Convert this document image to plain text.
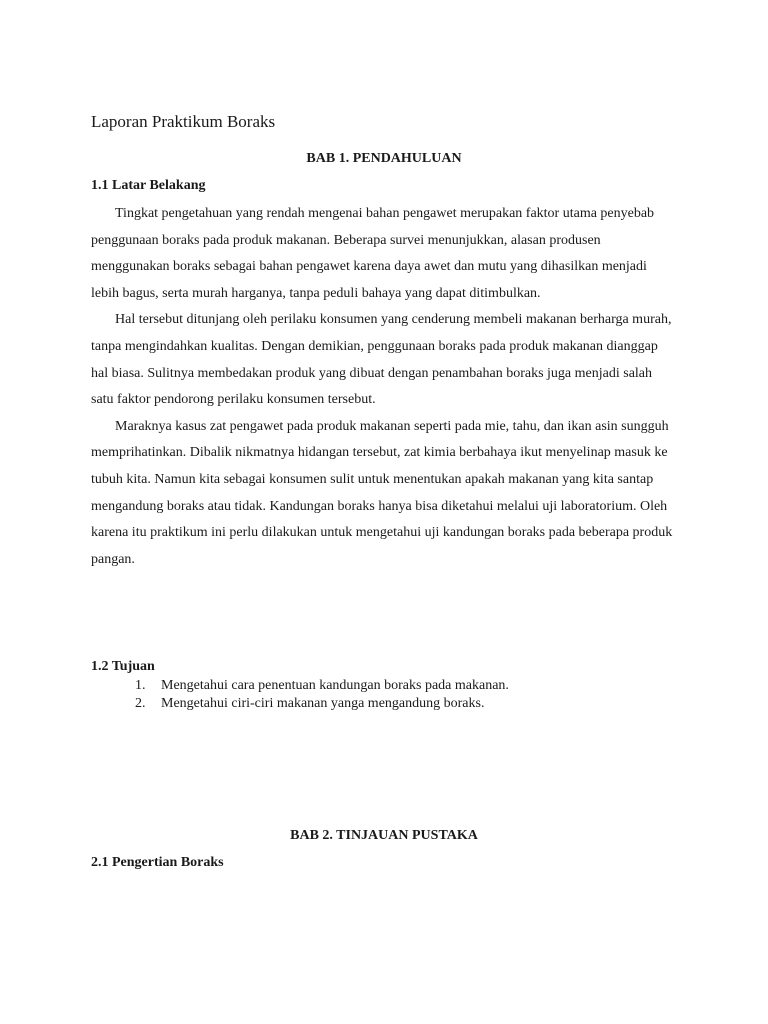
Laporan Praktikum Boraks
BAB 1. PENDAHULUAN
1.1 Latar Belakang

Tingkat pengetahuan yang rendah mengenai bahan pengawet merupakan faktor utama penyebab penggunaan boraks pada produk makanan. Beberapa survei menunjukkan, alasan produsen menggunakan boraks sebagai bahan pengawet karena daya awet dan mutu yang dihasilkan menjadi lebih bagus, serta murah harganya, tanpa peduli bahaya yang dapat ditimbulkan.

Hal tersebut ditunjang oleh perilaku konsumen yang cenderung membeli makanan berharga murah, tanpa mengindahkan kualitas. Dengan demikian, penggunaan boraks pada produk makanan dianggap hal biasa. Sulitnya membedakan produk yang dibuat dengan penambahan boraks juga menjadi salah satu faktor pendorong perilaku konsumen tersebut.

Maraknya kasus zat pengawet pada produk makanan seperti pada mie, tahu, dan ikan asin sungguh memprihatinkan. Dibalik nikmatnya hidangan tersebut, zat kimia berbahaya ikut menyelinap masuk ke tubuh kita. Namun kita sebagai konsumen sulit untuk menentukan apakah makanan yang kita santap mengandung boraks atau tidak. Kandungan boraks hanya bisa diketahui melalui uji laboratorium. Oleh karena itu praktikum ini perlu dilakukan untuk mengetahui uji kandungan boraks pada beberapa produk pangan.

1.2 Tujuan
1. Mengetahui cara penentuan kandungan boraks pada makanan.
2. Mengetahui ciri-ciri makanan yanga mengandung boraks.
BAB 2. TINJAUAN PUSTAKA
2.1 Pengertian Boraks
